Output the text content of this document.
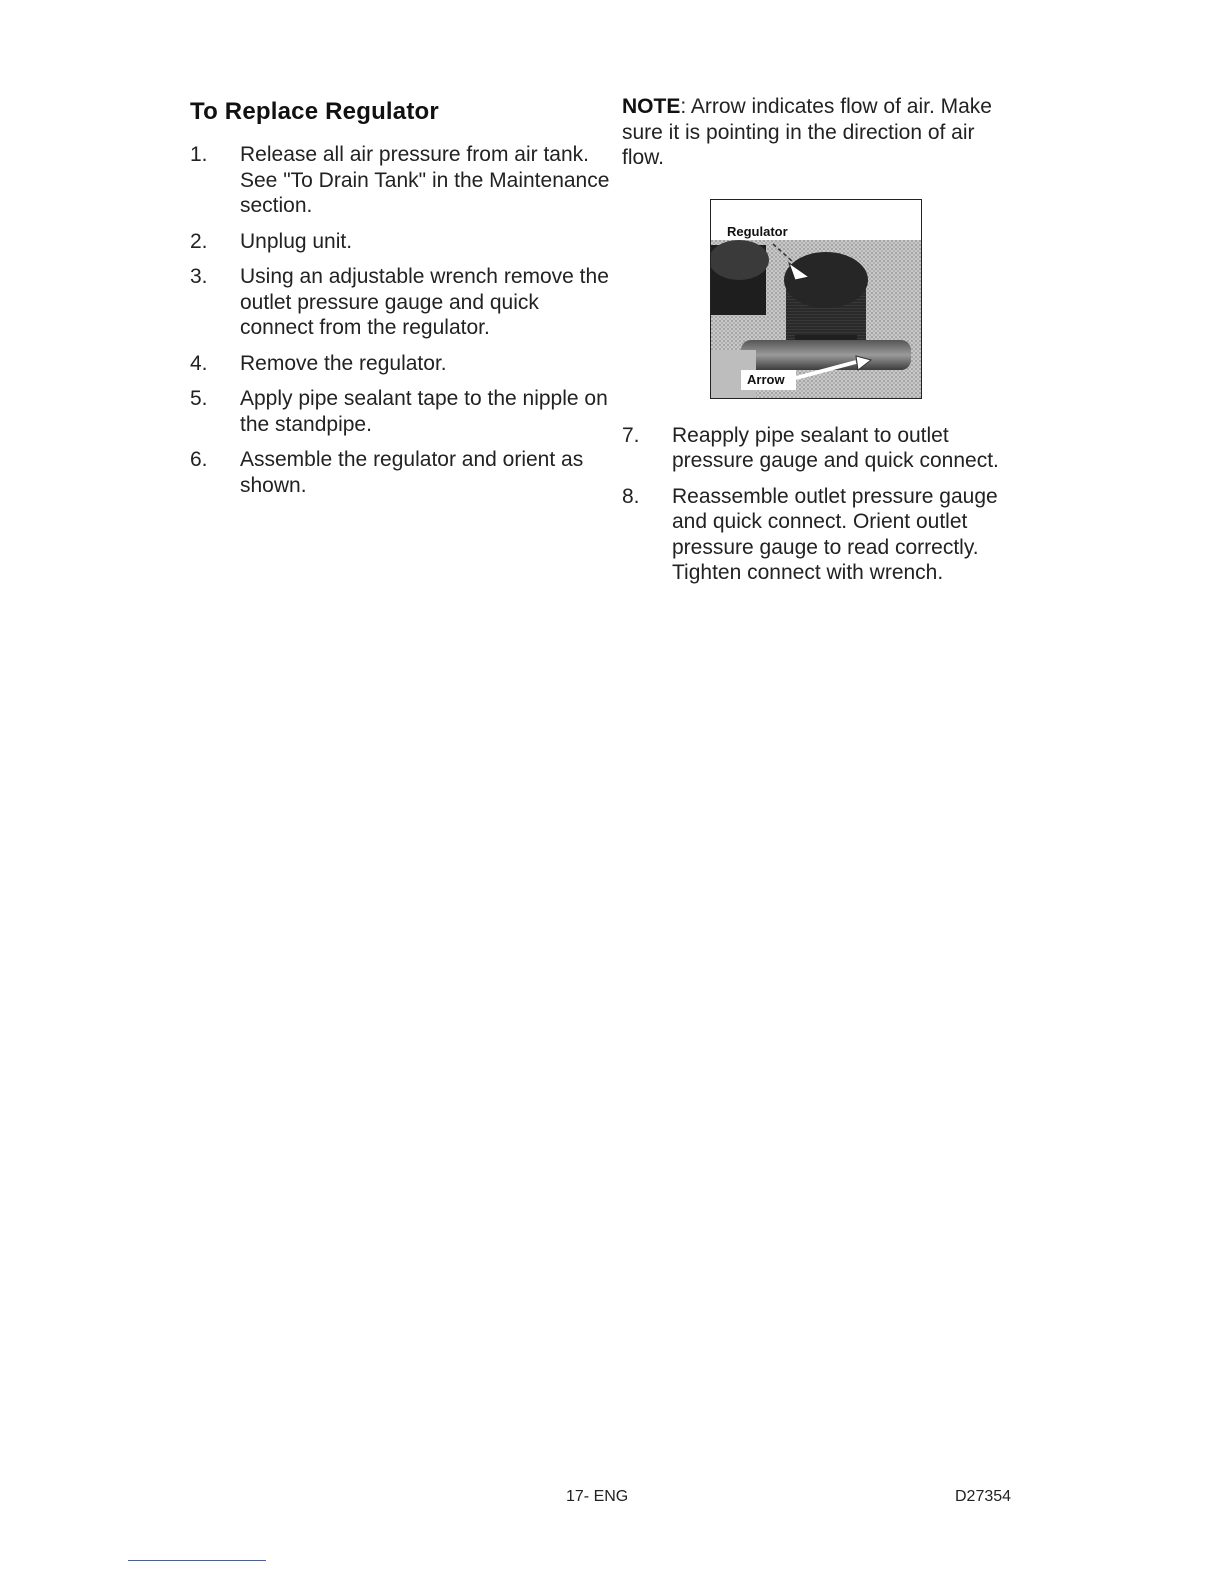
To Replace Regulator
1. Release all air pressure from air tank. See "To Drain Tank" in the Maintenance section.
2. Unplug unit.
3. Using an adjustable wrench remove the outlet pressure gauge and quick connect from the regulator.
4. Remove the regulator.
5. Apply pipe sealant tape to the nipple on the standpipe.
6. Assemble the regulator and orient as shown.

NOTE: Arrow indicates flow of air. Make sure it is pointing in the direction of air flow.

Regulator
Arrow
7. Reapply pipe sealant to outlet pressure gauge and quick connect.
8. Reassemble outlet pressure gauge and quick connect. Orient outlet pressure gauge to read correctly. Tighten connect with wrench.
17- ENG	D27354
